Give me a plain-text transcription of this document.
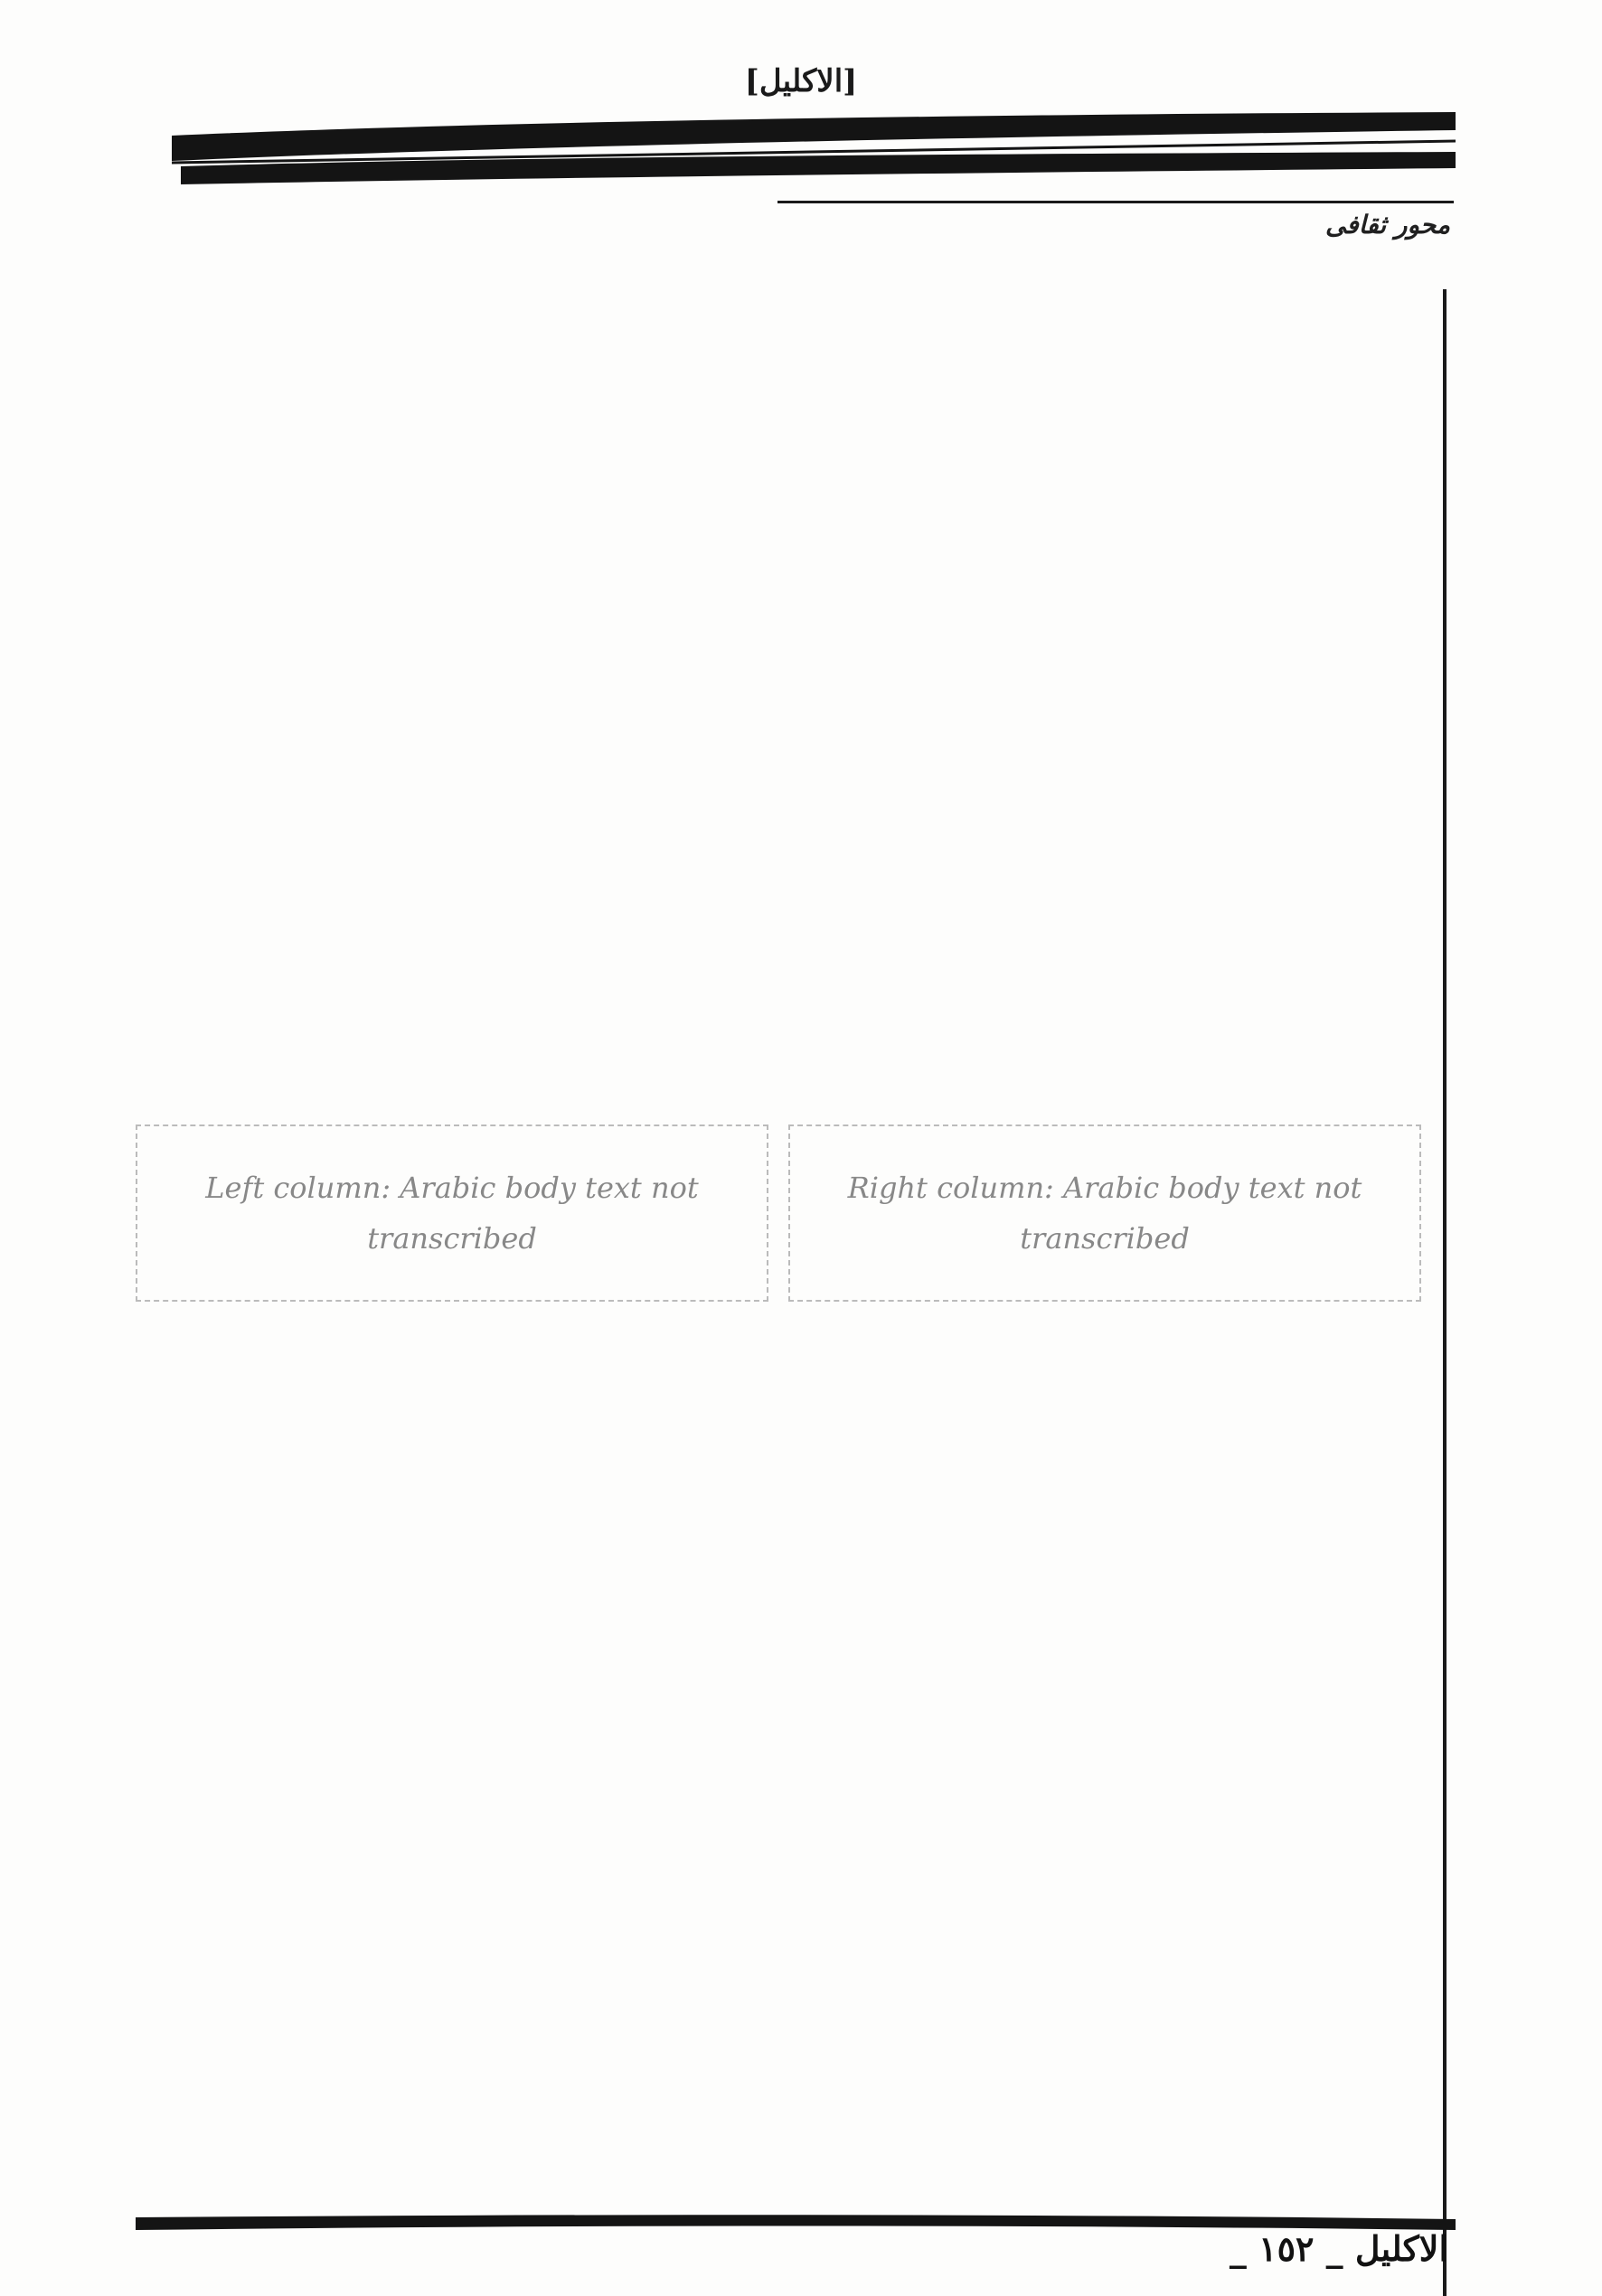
[الاكليل]
محور ثقافى
Right column: Arabic body text not transcribed
Left column: Arabic body text not transcribed
الاكليل _ ١٥٢ _
